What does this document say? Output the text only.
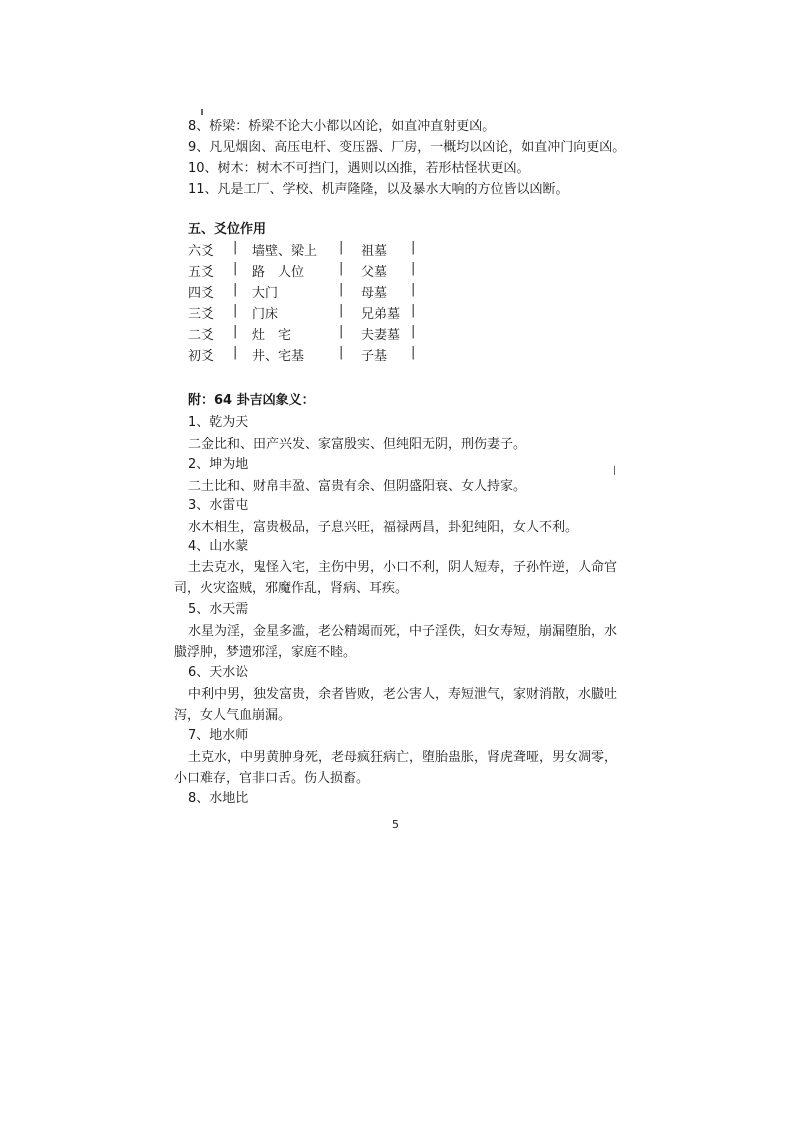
8、桥梁：桥梁不论大小都以凶论，如直冲直射更凶。
9、凡见烟囱、高压电杆、变压器、厂房，一概均以凶论，如直冲门向更凶。
10、树木：树木不可挡门，遇则以凶推，若形枯怪状更凶。
11、凡是工厂、学校、机声隆隆，以及暴水大响的方位皆以凶断。
五、爻位作用
六爻 | 墙壁、梁上 | 祖墓 |
五爻 | 路　人位	| 父墓 |
四爻 | 大门	| 母墓 |
三爻 | 门床	| 兄弟墓 |
二爻 | 灶　宅	| 夫妻墓 |
初爻 | 井、宅基	| 子基 |
附：64 卦吉凶象义：
1、乾为天
二金比和、田产兴发、家富殷实、但纯阳无阴，刑伤妻子。
2、坤为地
二土比和、财帛丰盈、富贵有余、但阴盛阳衰、女人持家。
3、水雷屯
水木相生，富贵极品，子息兴旺，福禄两昌，卦犯纯阳，女人不利。
4、山水蒙
土去克水，鬼怪入宅，主伤中男，小口不利，阴人短寿，子孙忤逆，人命官司，火灾盗贼，邪魔作乱，肾病、耳疾。
5、水天需
水星为淫，金星多滥，老公精竭而死，中子淫佚，妇女寿短，崩漏堕胎，水臌浮肿，梦遗邪淫，家庭不睦。
6、天水讼
中利中男，独发富贵，余者皆败，老公害人，寿短泄气，家财消散，水臌吐泻，女人气血崩漏。
7、地水师
土克水，中男黄肿身死，老母疯狂病亡，堕胎蛊胀，肾虎聋哑，男女凋零，小口难存，官非口舌。伤人损畜。
8、水地比
5
